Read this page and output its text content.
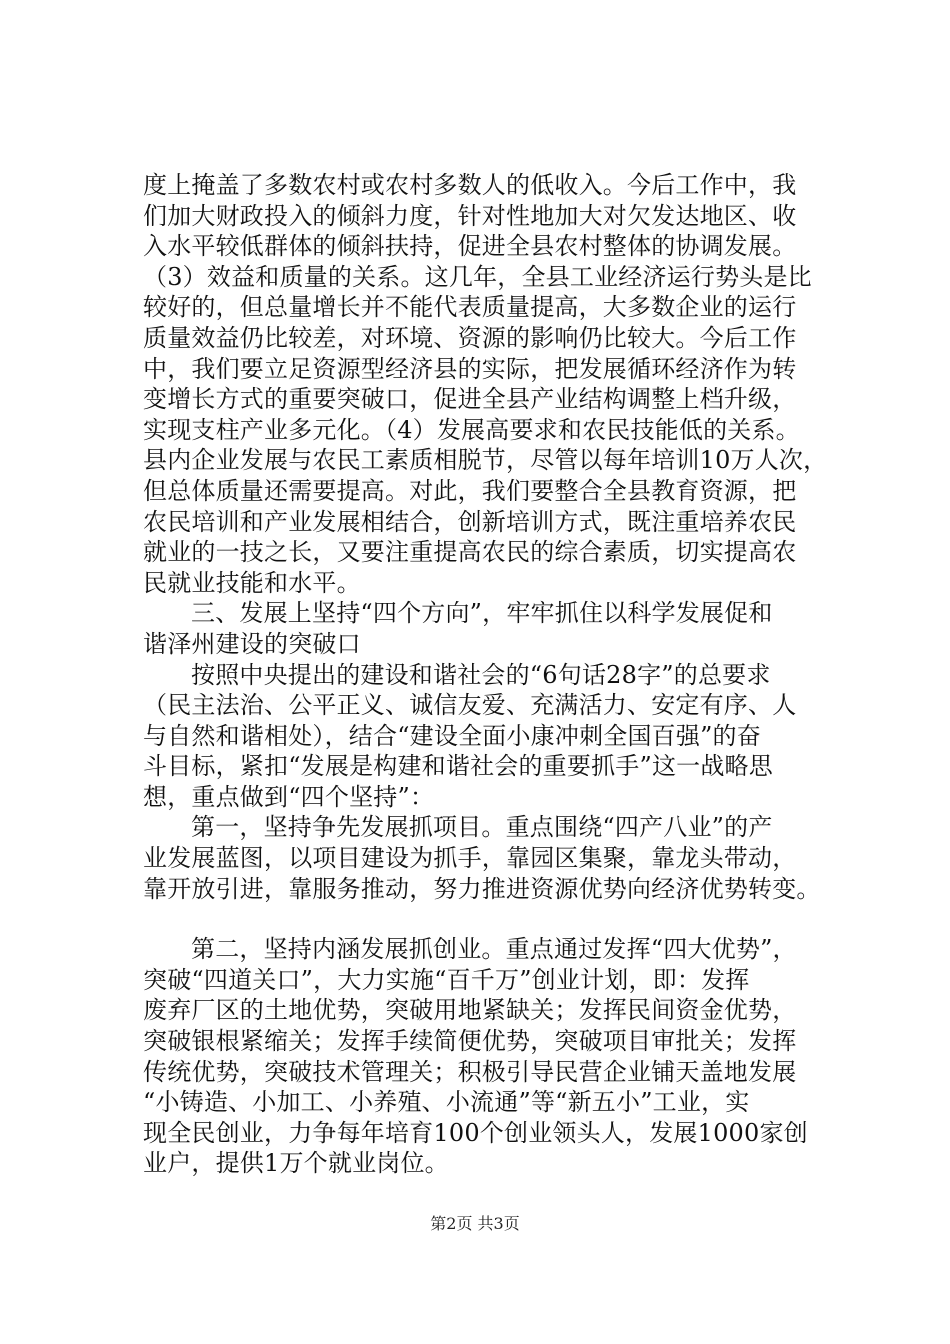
度上掩盖了多数农村或农村多数人的低收入。今后工作中，我
们加大财政投入的倾斜力度，针对性地加大对欠发达地区、收
入水平较低群体的倾斜扶持，促进全县农村整体的协调发展。
（3）效益和质量的关系。这几年，全县工业经济运行势头是比
较好的，但总量增长并不能代表质量提高，大多数企业的运行
质量效益仍比较差，对环境、资源的影响仍比较大。今后工作
中，我们要立足资源型经济县的实际，把发展循环经济作为转
变增长方式的重要突破口，促进全县产业结构调整上档升级，
实现支柱产业多元化。（4）发展高要求和农民技能低的关系。
县内企业发展与农民工素质相脱节，尽管以每年培训10万人次，
但总体质量还需要提高。对此，我们要整合全县教育资源，把
农民培训和产业发展相结合，创新培训方式，既注重培养农民
就业的一技之长，又要注重提高农民的综合素质，切实提高农
民就业技能和水平。
三、发展上坚持“四个方向”，牢牢抓住以科学发展促和
谐泽州建设的突破口
按照中央提出的建设和谐社会的“6句话28字”的总要求
（民主法治、公平正义、诚信友爱、充满活力、安定有序、人
与自然和谐相处），结合“建设全面小康冲刺全国百强”的奋
斗目标，紧扣“发展是构建和谐社会的重要抓手”这一战略思
想，重点做到“四个坚持”：
第一，坚持争先发展抓项目。重点围绕“四产八业”的产
业发展蓝图，以项目建设为抓手，靠园区集聚，靠龙头带动，
靠开放引进，靠服务推动，努力推进资源优势向经济优势转变。
第二，坚持内涵发展抓创业。重点通过发挥“四大优势”，
突破“四道关口”，大力实施“百千万”创业计划，即：发挥
废弃厂区的土地优势，突破用地紧缺关；发挥民间资金优势，
突破银根紧缩关；发挥手续简便优势，突破项目审批关；发挥
传统优势，突破技术管理关；积极引导民营企业铺天盖地发展
“小铸造、小加工、小养殖、小流通”等“新五小”工业，实
现全民创业，力争每年培育100个创业领头人，发展1000家创
业户，提供1万个就业岗位。
第2页 共3页
